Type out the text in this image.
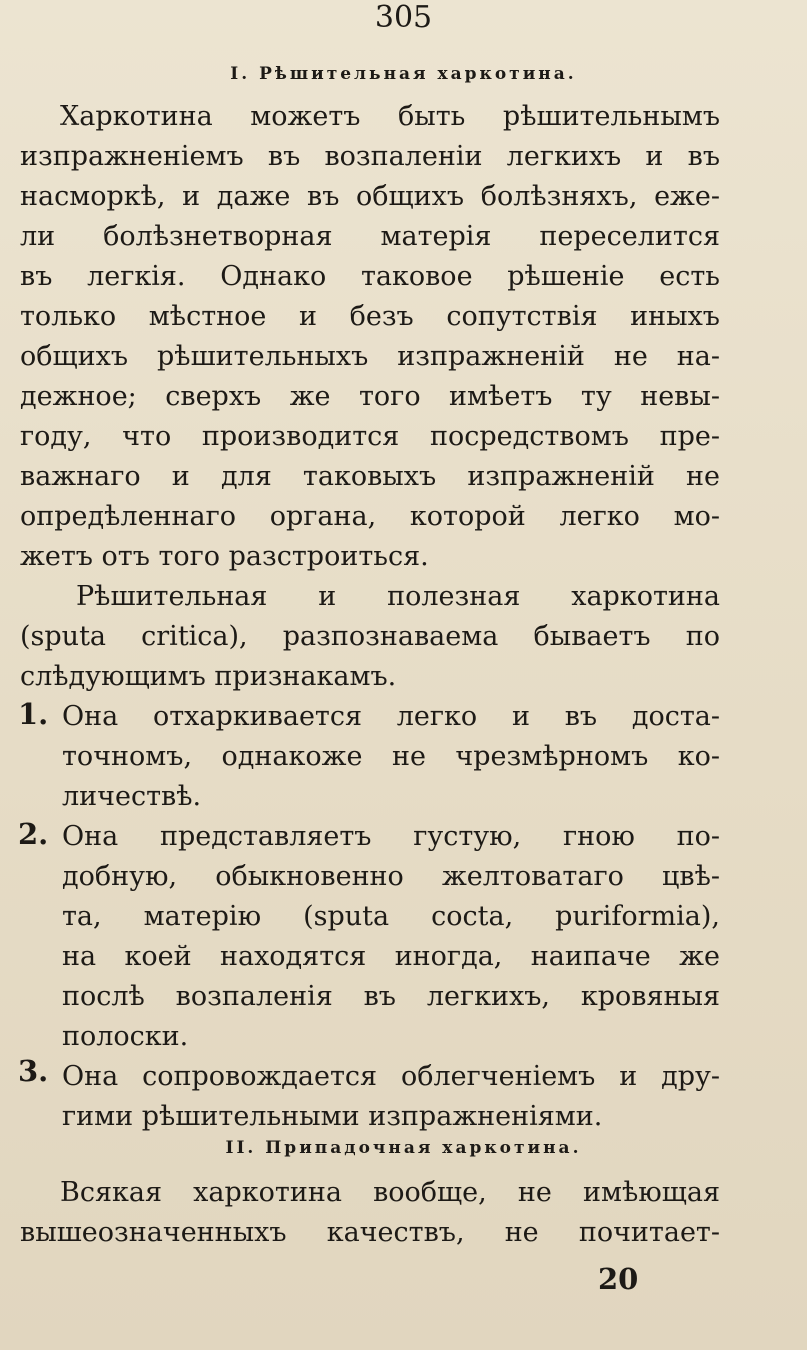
305
I. Рѣшительная харкотина.
Харкотина можетъ быть рѣшительнымъ
изпражненіемъ въ возпаленіи легкихъ и въ
насморкѣ, и даже въ общихъ болѣзняхъ, еже-
ли болѣзнетворная матерія переселится
въ легкія. Однако таковое рѣшеніе есть
только мѣстное и безъ сопутствія иныхъ
общихъ рѣшительныхъ изпражненій не на-
дежное; сверхъ же того имѣетъ ту невы-
году, что производится посредствомъ пре-
важнаго и для таковыхъ изпражненій не
опредѣленнаго органа, которой легко мо-
жетъ отъ того разстроиться.
Рѣшительная и полезная харкотина
(sputa critica), разпознаваема бываетъ по
слѣдующимъ признакамъ.
1. Она отхаркивается легко и въ доста-
точномъ, однакоже не чрезмѣрномъ ко-
личествѣ.
2. Она представляетъ густую, гною по-
добную, обыкновенно желтоватаго цвѣ-
та, матерію (sputa cocta, puriformia),
на коей находятся иногда, наипаче же
послѣ возпаленія въ легкихъ, кровяныя
полоски.
3. Она сопровождается облегченіемъ и дру-
гими рѣшительными изпражненіями.
II. Припадочная харкотина.
Всякая харкотина вообще, не имѣющая
вышеозначенныхъ качествъ, не почитает-
20
